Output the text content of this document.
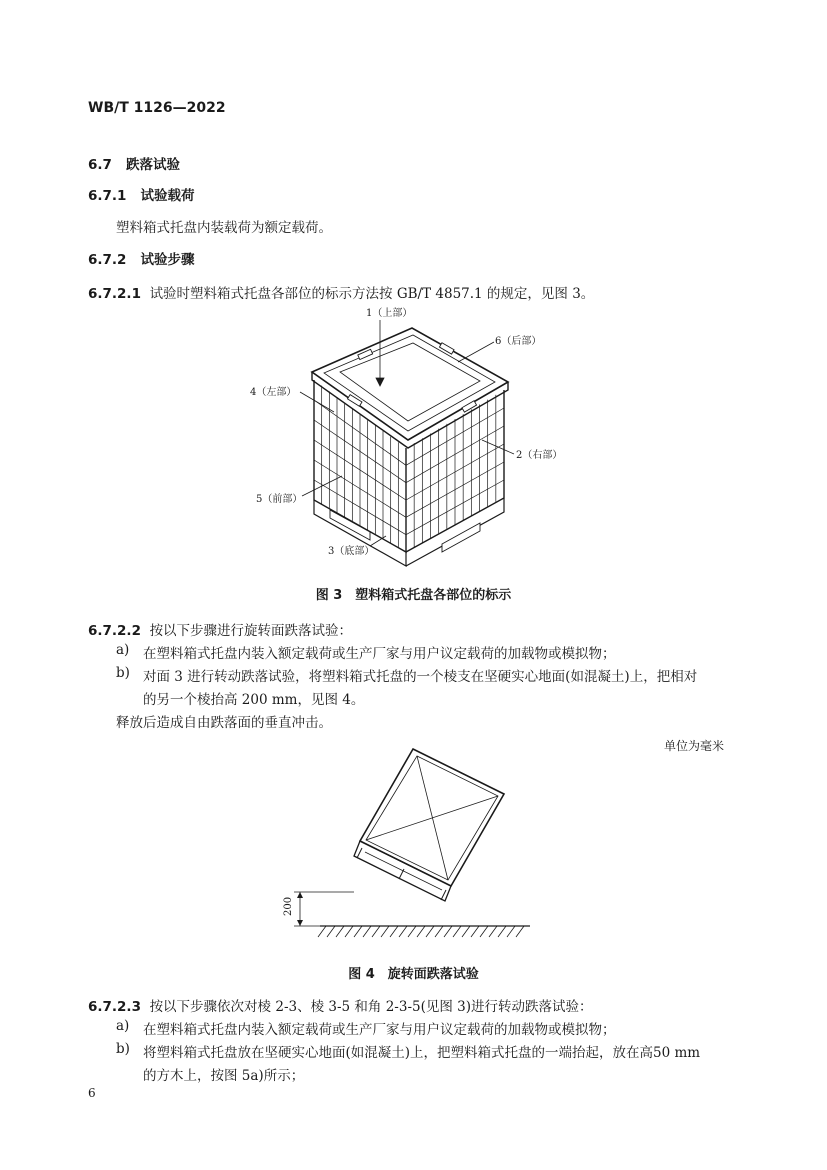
WB/T 1126—2022
6.7 跌落试验
6.7.1 试验载荷
塑料箱式托盘内装载荷为额定载荷。
6.7.2 试验步骤
6.7.2.1 试验时塑料箱式托盘各部位的标示方法按 GB/T 4857.1 的规定，见图 3。
1（上部）
6（后部）
4（左部）
2（右部）
5（前部）
3（底部）
图 3　塑料箱式托盘各部位的标示
6.7.2.2 按以下步骤进行旋转面跌落试验：
a) 在塑料箱式托盘内装入额定载荷或生产厂家与用户议定载荷的加载物或模拟物；
b) 对面 3 进行转动跌落试验，将塑料箱式托盘的一个棱支在坚硬实心地面(如混凝土)上，把相对
的另一个棱抬高 200 mm，见图 4。
释放后造成自由跌落面的垂直冲击。
单位为毫米
200
图 4　旋转面跌落试验
6.7.2.3 按以下步骤依次对棱 2-3、棱 3-5 和角 2-3-5(见图 3)进行转动跌落试验：
a) 在塑料箱式托盘内装入额定载荷或生产厂家与用户议定载荷的加载物或模拟物；
b) 将塑料箱式托盘放在坚硬实心地面(如混凝土)上，把塑料箱式托盘的一端抬起，放在高50 mm
的方木上，按图 5a)所示；
6
